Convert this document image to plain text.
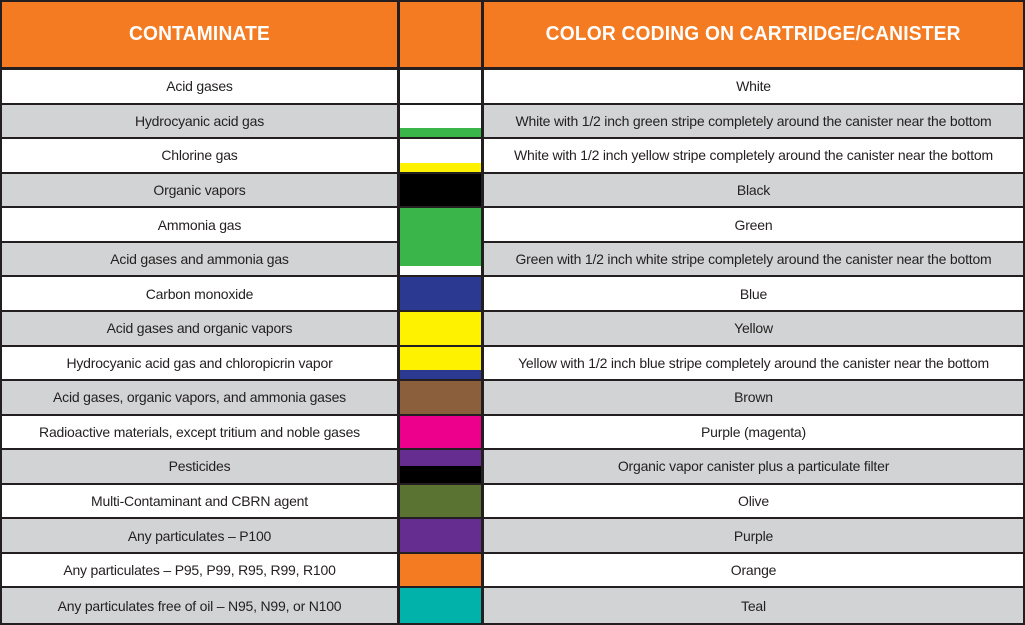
CONTAMINATE	COLOR CODING ON CARTRIDGE/CANISTER
Acid gases	White
Hydrocyanic acid gas	White with 1/2 inch green stripe completely around the canister near the bottom
Chlorine gas	White with 1/2 inch yellow stripe completely around the canister near the bottom
Organic vapors	Black
Ammonia gas	Green
Acid gases and ammonia gas	Green with 1/2 inch white stripe completely around the canister near the bottom
Carbon monoxide	Blue
Acid gases and organic vapors	Yellow
Hydrocyanic acid gas and chloropicrin vapor	Yellow with 1/2 inch blue stripe completely around the canister near the bottom
Acid gases, organic vapors, and ammonia gases	Brown
Radioactive materials, except tritium and noble gases	Purple (magenta)
Pesticides	Organic vapor canister plus a particulate filter
Multi-Contaminant and CBRN agent	Olive
Any particulates – P100	Purple
Any particulates – P95, P99, R95, R99, R100	Orange
Any particulates free of oil – N95, N99, or N100	Teal
